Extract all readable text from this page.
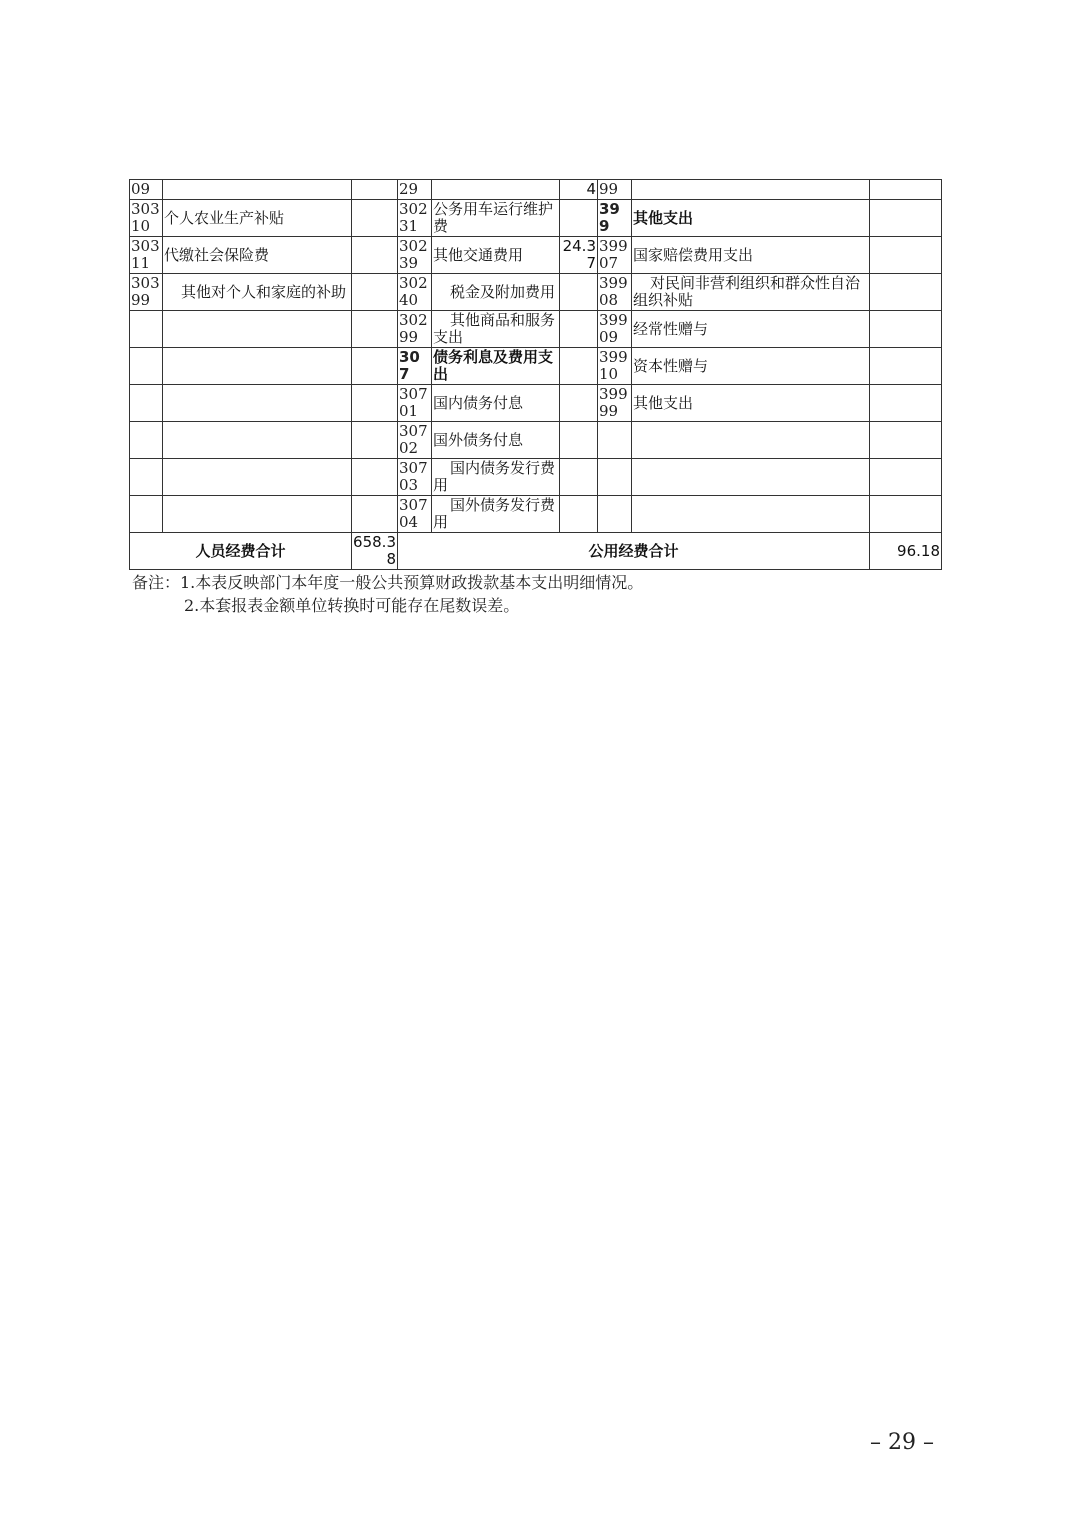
09			29		4	99		
30310	个人农业生产补贴		30231	公务用车运行维护费		399	其他支出	
30311	代缴社会保险费		30239	其他交通费用	24.37	39907	国家赔偿费用支出	
30399	其他对个人和家庭的补助		30240	税金及附加费用		39908	对民间非营利组织和群众性自治组织补贴	
			30299	其他商品和服务支出		39909	经常性赠与	
			307	债务利息及费用支出		39910	资本性赠与	
			30701	国内债务付息		39999	其他支出	
			30702	国外债务付息				
			30703	国内债务发行费用				
			30704	国外债务发行费用				
人员经费合计		658.38	公用经费合计					96.18
备注：1.本表反映部门本年度一般公共预算财政拨款基本支出明细情况。
2.本套报表金额单位转换时可能存在尾数误差。
– 29 –
